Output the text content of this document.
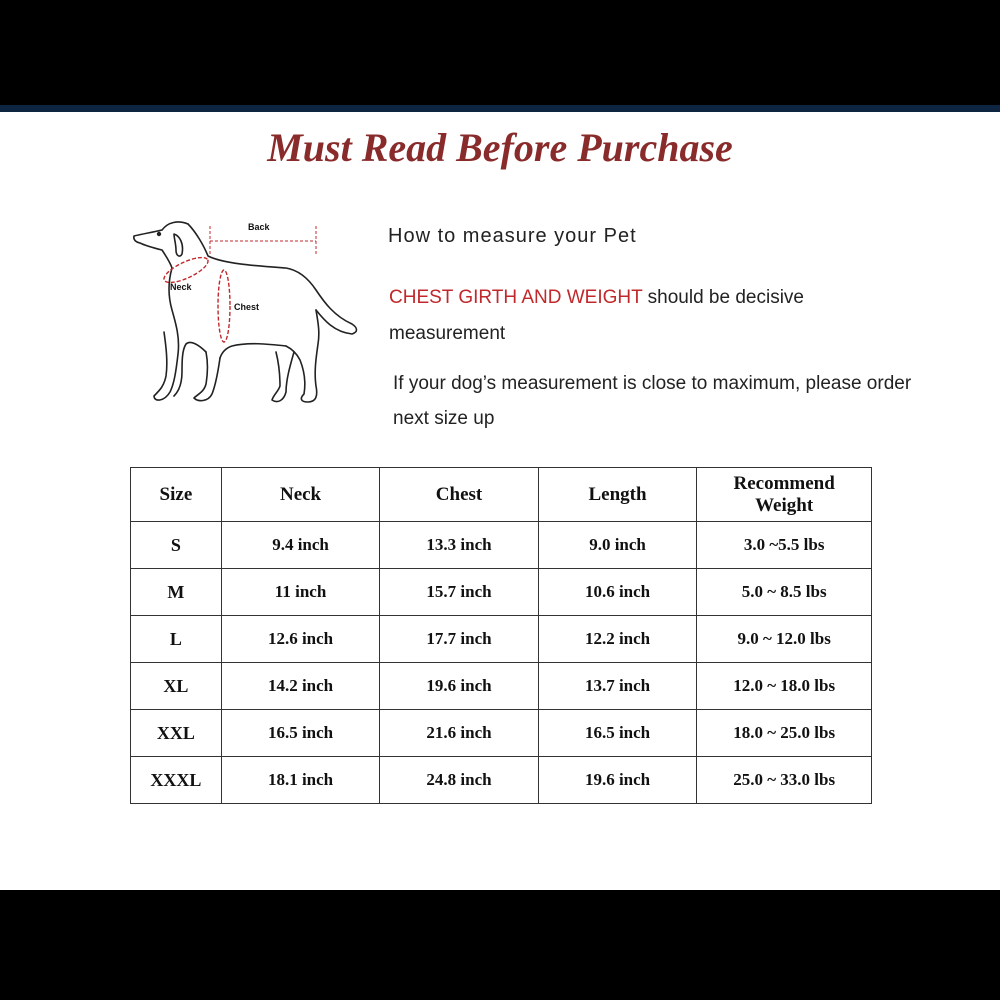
Must Read Before Purchase
Back
Neck
Chest

How to measure your Pet

CHEST GIRTH AND WEIGHT should be decisive measurement

If your dog’s measurement is close to maximum, please order next size up

Size	Neck	Chest	Length	Recommend
Weight
S	9.4 inch	13.3 inch	9.0 inch	3.0 ~5.5 lbs
M	11 inch	15.7 inch	10.6 inch	5.0 ~ 8.5 lbs
L	12.6 inch	17.7 inch	12.2 inch	9.0 ~ 12.0 lbs
XL	14.2 inch	19.6 inch	13.7 inch	12.0 ~ 18.0 lbs
XXL	16.5 inch	21.6 inch	16.5 inch	18.0 ~ 25.0 lbs
XXXL	18.1 inch	24.8 inch	19.6 inch	25.0 ~ 33.0 lbs
